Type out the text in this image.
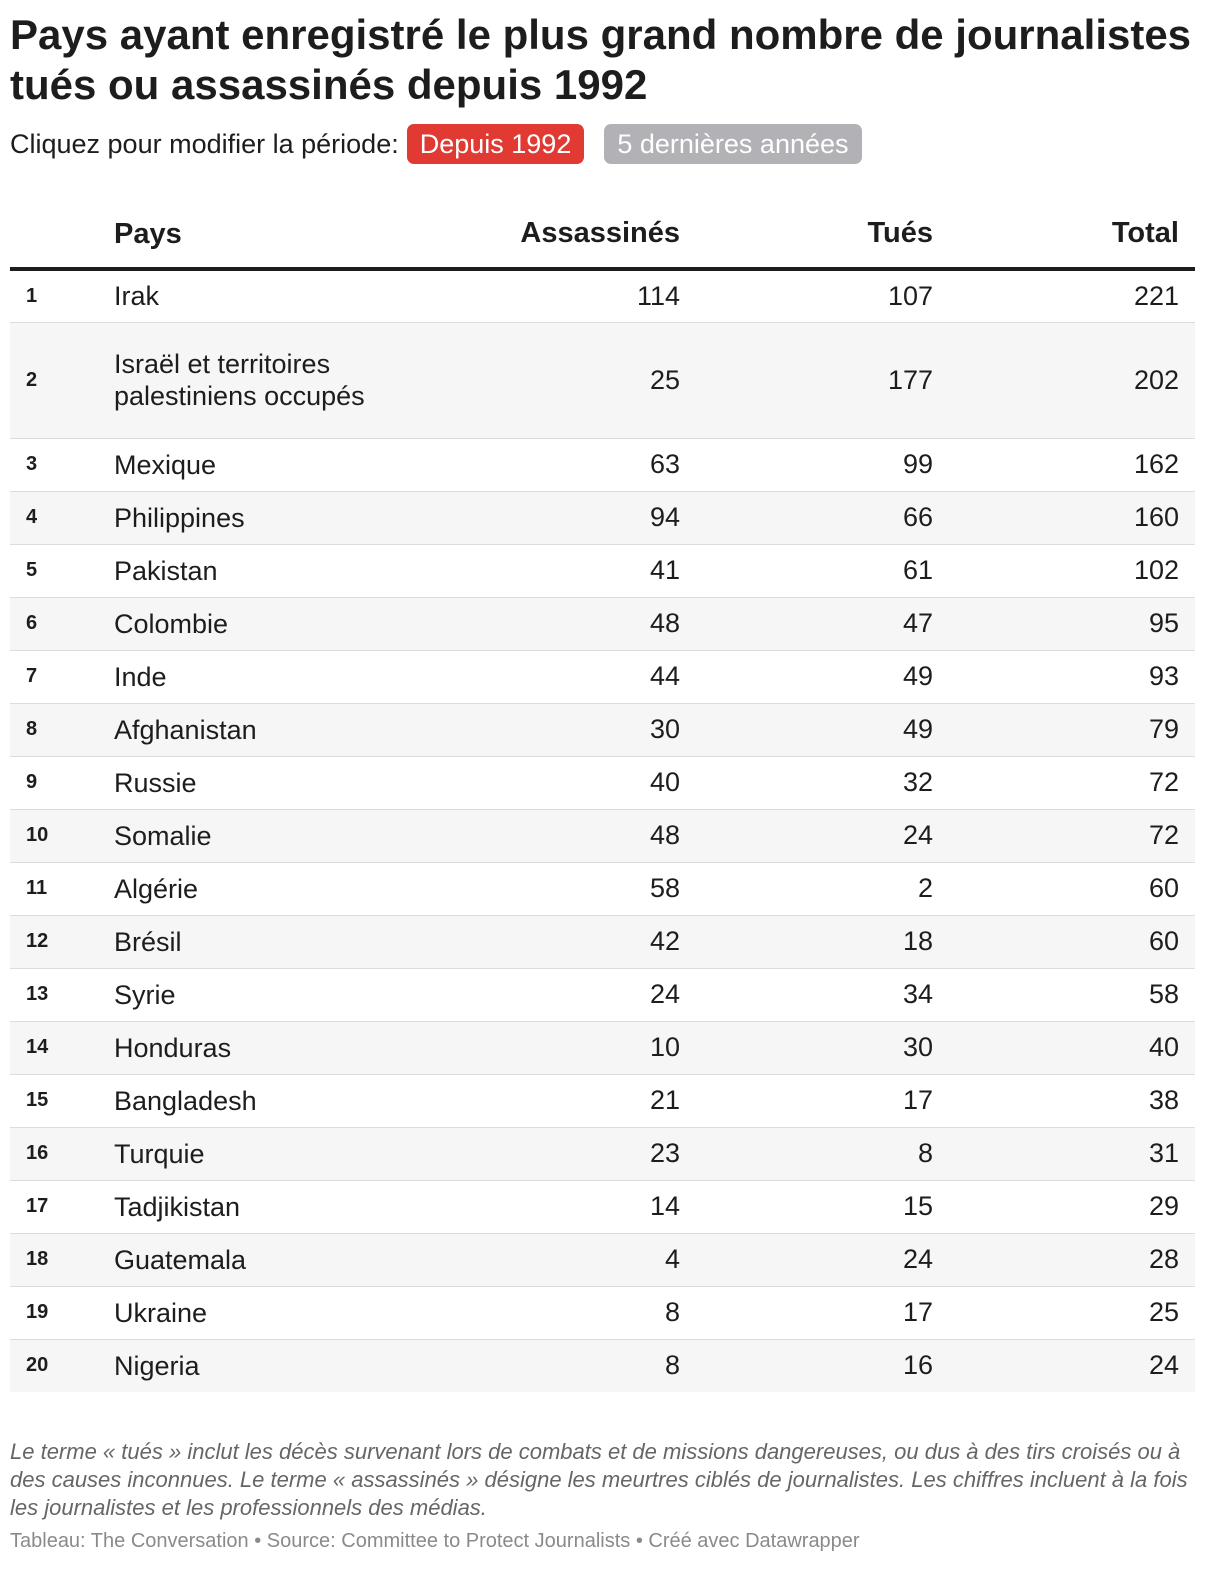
Pays ayant enregistré le plus grand nombre de journalistes tués ou assassinés depuis 1992
Cliquez pour modifier la période: Depuis 1992	5 dernières années
	Pays	Assassinés	Tués	Total
1	Irak	114	107	221
2	Israël et territoires palestiniens occupés	25	177	202
3	Mexique	63	99	162
4	Philippines	94	66	160
5	Pakistan	41	61	102
6	Colombie	48	47	95
7	Inde	44	49	93
8	Afghanistan	30	49	79
9	Russie	40	32	72
10	Somalie	48	24	72
11	Algérie	58	2	60
12	Brésil	42	18	60
13	Syrie	24	34	58
14	Honduras	10	30	40
15	Bangladesh	21	17	38
16	Turquie	23	8	31
17	Tadjikistan	14	15	29
18	Guatemala	4	24	28
19	Ukraine	8	17	25
20	Nigeria	8	16	24

Le terme « tués » inclut les décès survenant lors de combats et de missions dangereuses, ou dus à des tirs croisés ou à des causes inconnues. Le terme « assassinés » désigne les meurtres ciblés de journalistes. Les chiffres incluent à la fois les journalistes et les professionnels des médias.

Tableau: The Conversation • Source: Committee to Protect Journalists • Créé avec Datawrapper
